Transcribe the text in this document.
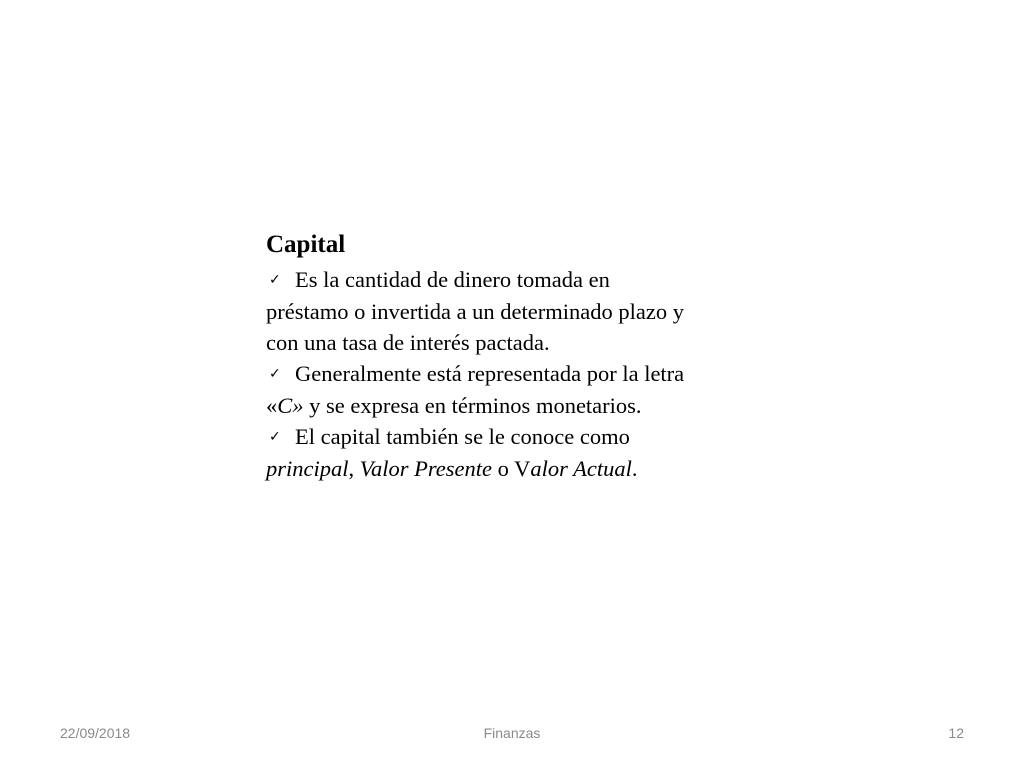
Capital

✓ Es la cantidad de dinero tomada en préstamo o invertida a un determinado plazo y con una tasa de interés pactada.

✓ Generalmente está representada por la letra «C» y se expresa en términos monetarios.

✓ El capital también se le conoce como principal, Valor Presente o Valor Actual.

22/09/2018	Finanzas	12
